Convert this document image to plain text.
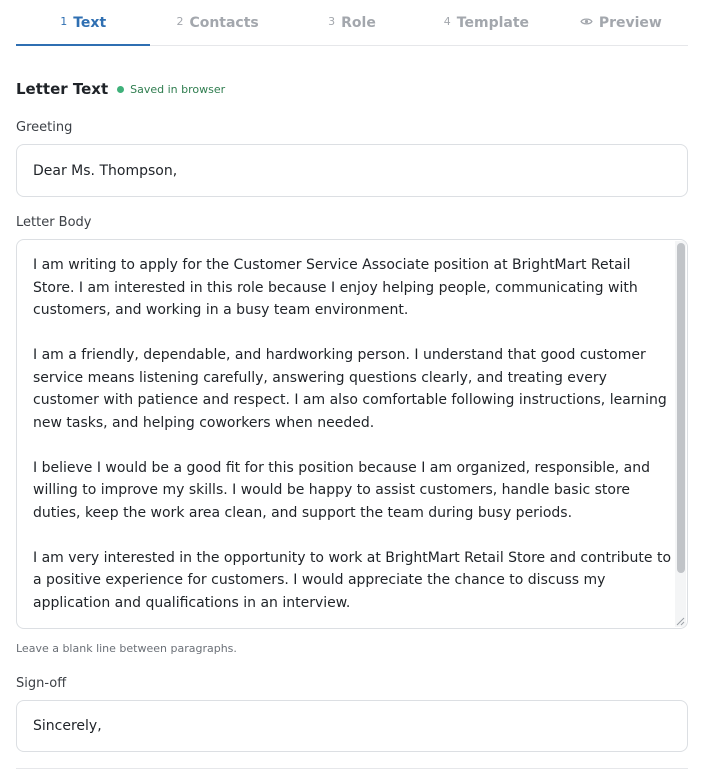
1 Text	2 Contacts	3 Role	4 Template	Preview
Letter Text Saved in browser
Greeting
Dear Ms. Thompson,
Letter Body

I am writing to apply for the Customer Service Associate position at BrightMart Retail Store. I am interested in this role because I enjoy helping people, communicating with customers, and working in a busy team environment.

I am a friendly, dependable, and hardworking person. I understand that good customer service means listening carefully, answering questions clearly, and treating every customer with patience and respect. I am also comfortable following instructions, learning new tasks, and helping coworkers when needed.

I believe I would be a good fit for this position because I am organized, responsible, and willing to improve my skills. I would be happy to assist customers, handle basic store duties, keep the work area clean, and support the team during busy periods.

I am very interested in the opportunity to work at BrightMart Retail Store and contribute to a positive experience for customers. I would appreciate the chance to discuss my application and qualifications in an interview.

Leave a blank line between paragraphs.
Sign-off
Sincerely,
